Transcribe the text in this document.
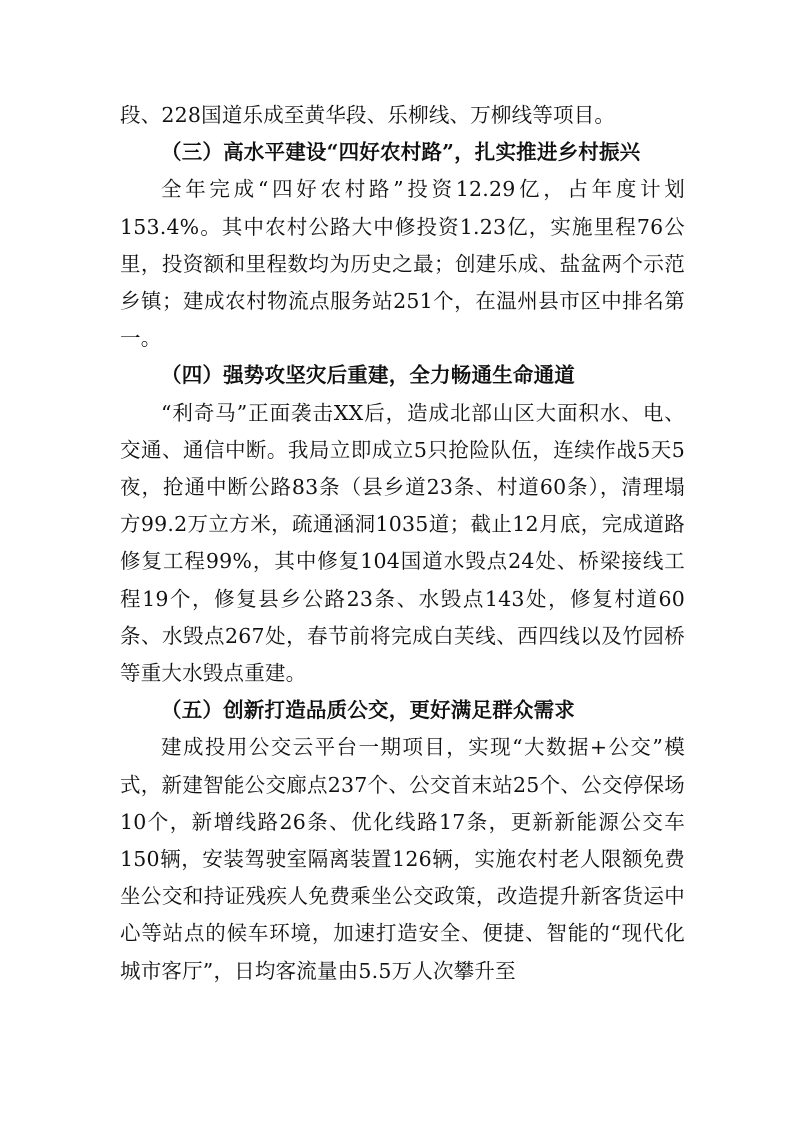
段、228国道乐成至黄华段、乐柳线、万柳线等项目。

（三）高水平建设“四好农村路”，扎实推进乡村振兴

全年完成“四好农村路”投资12.29亿，占年度计划153.4%。其中农村公路大中修投资1.23亿，实施里程76公里，投资额和里程数均为历史之最；创建乐成、盐盆两个示范乡镇；建成农村物流点服务站251个，在温州县市区中排名第一。

（四）强势攻坚灾后重建，全力畅通生命通道

“利奇马”正面袭击XX后，造成北部山区大面积水、电、交通、通信中断。我局立即成立5只抢险队伍，连续作战5天5夜，抢通中断公路83条（县乡道23条、村道60条），清理塌方99.2万立方米，疏通涵洞1035道；截止12月底，完成道路修复工程99%，其中修复104国道水毁点24处、桥梁接线工程19个，修复县乡公路23条、水毁点143处，修复村道60条、水毁点267处，春节前将完成白芙线、西四线以及竹园桥等重大水毁点重建。

（五）创新打造品质公交，更好满足群众需求

建成投用公交云平台一期项目，实现“大数据+公交”模式，新建智能公交廊点237个、公交首末站25个、公交停保场10个，新增线路26条、优化线路17条，更新新能源公交车150辆，安装驾驶室隔离装置126辆，实施农村老人限额免费坐公交和持证残疾人免费乘坐公交政策，改造提升新客货运中心等站点的候车环境，加速打造安全、便捷、智能的“现代化城市客厅”，日均客流量由5.5万人次攀升至
